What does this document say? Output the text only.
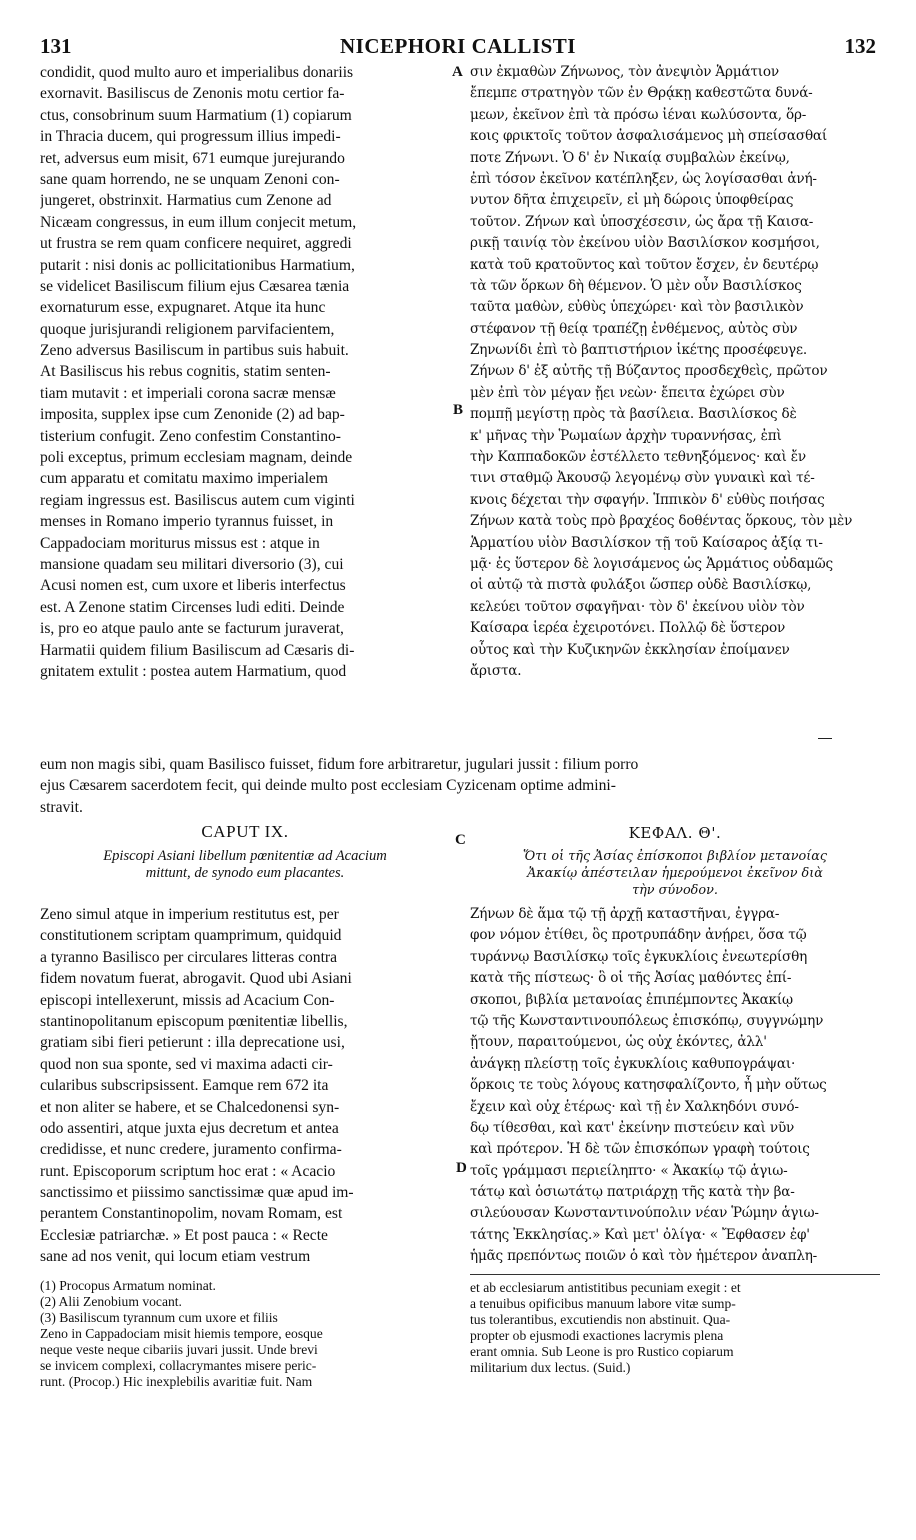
131	NICEPHORI CALLISTI	132
condidit, quod multo auro et imperialibus donariis
exornavit. Basiliscus de Zenonis motu certior fa-
ctus, consobrinum suum Harmatium (1) copiarum
in Thracia ducem, qui progressum illius impedi-
ret, adversus eum misit, 671 eumque jurejurando
sane quam horrendo, ne se unquam Zenoni con-
jungeret, obstrinxit. Harmatius cum Zenone ad
Nicæam congressus, in eum illum conjecit metum,
ut frustra se rem quam conficere nequiret, aggredi
putarit : nisi donis ac pollicitationibus Harmatium,
se videlicet Basiliscum filium ejus Cæsarea tænia
exornaturum esse, expugnaret. Atque ita hunc
quoque jurisjurandi religionem parvifacientem,
Zeno adversus Basiliscum in partibus suis habuit.
At Basiliscus his rebus cognitis, statim senten-
tiam mutavit : et imperiali corona sacræ mensæ
imposita, supplex ipse cum Zenonide (2) ad bap-
tisterium confugit. Zeno confestim Constantino-
poli exceptus, primum ecclesiam magnam, deinde
cum apparatu et comitatu maximo imperialem
regiam ingressus est. Basiliscus autem cum viginti
menses in Romano imperio tyrannus fuisset, in
Cappadociam moriturus missus est : atque in
mansione quadam seu militari diversorio (3), cui
Acusi nomen est, cum uxore et liberis interfectus
est. A Zenone statim Circenses ludi editi. Deinde
is, pro eo atque paulo ante se facturum juraverat,
Harmatii quidem filium Basiliscum ad Cæsaris di-
gnitatem extulit : postea autem Harmatium, quod
σιν ἐκμαθὼν Ζήνωνος, τὸν ἀνεψιὸν Ἁρμάτιον
ἔπεμπε στρατηγὸν τῶν ἐν Θρᾴκῃ καθεστῶτα δυνά-
μεων, ἐκεῖνον ἐπὶ τὰ πρόσω ἰέναι κωλύσοντα, ὅρ-
κοις φρικτοῖς τοῦτον ἀσφαλισάμενος μὴ σπείσασθαί
ποτε Ζήνωνι. Ὁ δ' ἐν Νικαίᾳ συμβαλὼν ἐκείνῳ,
ἐπὶ τόσον ἐκεῖνον κατέπληξεν, ὡς λογίσασθαι ἀνή-
νυτον δῆτα ἐπιχειρεῖν, εἰ μὴ δώροις ὑποφθείρας
τοῦτον. Ζήνων καὶ ὑποσχέσεσιν, ὡς ἄρα τῇ Καισα-
ρικῇ ταινίᾳ τὸν ἐκείνου υἱὸν Βασιλίσκον κοσμήσοι,
κατὰ τοῦ κρατοῦντος καὶ τοῦτον ἔσχεν, ἐν δευτέρῳ
τὰ τῶν ὅρκων δὴ θέμενον. Ὁ μὲν οὖν Βασιλίσκος
ταῦτα μαθὼν, εὐθὺς ὑπεχώρει· καὶ τὸν βασιλικὸν
στέφανον τῇ θείᾳ τραπέζῃ ἐνθέμενος, αὐτὸς σὺν
Ζηνωνίδι ἐπὶ τὸ βαπτιστήριον ἱκέτης προσέφευγε.
Ζήνων δ' ἐξ αὐτῆς τῇ Βύζαντος προσδεχθεὶς, πρῶτον
μὲν ἐπὶ τὸν μέγαν ᾔει νεὼν· ἔπειτα ἐχώρει σὺν
πομπῇ μεγίστῃ πρὸς τὰ βασίλεια. Βασιλίσκος δὲ
κ' μῆνας τὴν Ῥωμαίων ἀρχὴν τυραννήσας, ἐπὶ
τὴν Καππαδοκῶν ἐστέλλετο τεθνηξόμενος· καὶ ἔν
τινι σταθμῷ Ἀκουσῷ λεγομένῳ σὺν γυναικὶ καὶ τέ-
κνοις δέχεται τὴν σφαγήν. Ἱππικὸν δ' εὐθὺς ποιήσας
Ζήνων κατὰ τοὺς πρὸ βραχέος δοθέντας ὅρκους, τὸν μὲν
Ἁρματίου υἱὸν Βασιλίσκον τῇ τοῦ Καίσαρος ἀξίᾳ τι-
μᾷ· ἐς ὕστερον δὲ λογισάμενος ὡς Ἁρμάτιος οὐδαμῶς
οἱ αὐτῷ τὰ πιστὰ φυλάξοι ὥσπερ οὐδὲ Βασιλίσκῳ,
κελεύει τοῦτον σφαγῆναι· τὸν δ' ἐκείνου υἱὸν τὸν
Καίσαρα ἱερέα ἐχειροτόνει. Πολλῷ δὲ ὕστερον
οὗτος καὶ τὴν Κυζικηνῶν ἐκκλησίαν ἐποίμανεν
ἄριστα.
A
B
eum non magis sibi, quam Basilisco fuisset, fidum fore arbitraretur, jugulari jussit : filium porro
ejus Cæsarem sacerdotem fecit, qui deinde multo post ecclesiam Cyzicenam optime admini-
stravit.
CAPUT IX.	ΚΕΦΑΛ. Θ'.
C
Episcopi Asiani libellum pœnitentiæ ad Acacium
mittunt, de synodo eum placantes.
Ὅτι οἱ τῆς Ἀσίας ἐπίσκοποι βιβλίον μετανοίας
Ἀκακίῳ ἀπέστειλαν ἡμερούμενοι ἐκεῖνον διὰ
τὴν σύνοδον.
Zeno simul atque in imperium restitutus est, per
constitutionem scriptam quamprimum, quidquid
a tyranno Basilisco per circulares litteras contra
fidem novatum fuerat, abrogavit. Quod ubi Asiani
episcopi intellexerunt, missis ad Acacium Con-
stantinopolitanum episcopum pœnitentiæ libellis,
gratiam sibi fieri petierunt : illa deprecatione usi,
quod non sua sponte, sed vi maxima adacti cir-
cularibus subscripsissent. Eamque rem 672 ita
et non aliter se habere, et se Chalcedonensi syn-
odo assentiri, atque juxta ejus decretum et antea
credidisse, et nunc credere, juramento confirma-
runt. Episcoporum scriptum hoc erat : « Acacio
sanctissimo et piissimo sanctissimæ quæ apud im-
perantem Constantinopolim, novam Romam, est
Ecclesiæ patriarchæ. » Et post pauca : « Recte
sane ad nos venit, qui locum etiam vestrum
Ζήνων δὲ ἅμα τῷ τῇ ἀρχῇ καταστῆναι, ἐγγρα-
φον νόμον ἐτίθει, ὃς προτρυπάδην ἀνῄρει, ὅσα τῷ
τυράννῳ Βασιλίσκῳ τοῖς ἐγκυκλίοις ἐνεωτερίσθη
κατὰ τῆς πίστεως· ὃ οἱ τῆς Ἀσίας μαθόντες ἐπί-
σκοποι, βιβλία μετανοίας ἐπιπέμποντες Ἀκακίῳ
τῷ τῆς Κωνσταντινουπόλεως ἐπισκόπῳ, συγγνώμην
ᾔτουν, παραιτούμενοι, ὡς οὐχ ἑκόντες, ἀλλ'
ἀνάγκῃ πλείστῃ τοῖς ἐγκυκλίοις καθυπογράψαι·
ὅρκοις τε τοὺς λόγους κατησφαλίζοντο, ἦ μὴν οὕτως
ἔχειν καὶ οὐχ ἑτέρως· καὶ τῇ ἐν Χαλκηδόνι συνό-
δῳ τίθεσθαι, καὶ κατ' ἐκείνην πιστεύειν καὶ νῦν
καὶ πρότερον. Ἡ δὲ τῶν ἐπισκόπων γραφὴ τούτοις
τοῖς γράμμασι περιείληπτο· « Ἀκακίῳ τῷ ἁγιω-
τάτῳ καὶ ὁσιωτάτῳ πατριάρχῃ τῆς κατὰ τὴν βα-
σιλεύουσαν Κωνσταντινούπολιν νέαν Ῥώμην ἁγιω-
τάτης Ἐκκλησίας.» Καὶ μετ' ὀλίγα· « Ἔφθασεν ἐφ'
ἡμᾶς πρεπόντως ποιῶν ὁ καὶ τὸν ἡμέτερον ἀναπλη-
D
(1) Procopus Armatum nominat.
(2) Alii Zenobium vocant.
(3) Basiliscum tyrannum cum uxore et filiis
Zeno in Cappadociam misit hiemis tempore, eosque
neque veste neque cibariis juvari jussit. Unde brevi
se invicem complexi, collacrymantes misere peric-
runt. (Procop.) Hic inexplebilis avaritiæ fuit. Nam
et ab ecclesiarum antistitibus pecuniam exegit : et
a tenuibus opificibus manuum labore vitæ sump-
tus tolerantibus, excutiendis non abstinuit. Qua-
propter ob ejusmodi exactiones lacrymis plena
erant omnia. Sub Leone is pro Rustico copiarum
militarium dux lectus. (Suid.)
